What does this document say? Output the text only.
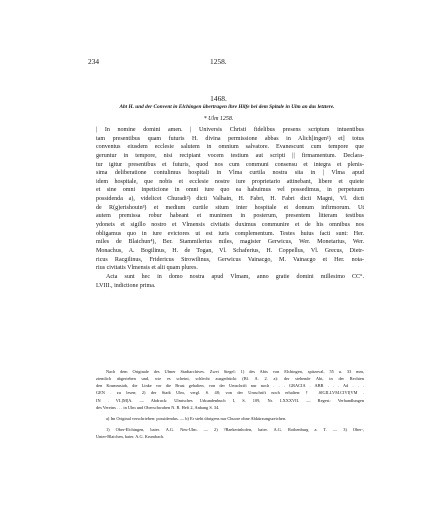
234	1258.
1468.
Abt H. und der Convent in Elchingen übertragen ihre Hilfe bei dem Spitale in Ulm an das letztere.
* Ulm 1258.
| In nomine domini amen. | Universis Christi fidelibus presens scriptum intuentibus
tam presentibus quam futuris H. divina permissione abbas in Alich[ingen¹) et] totus
conventus eiusdem ecclesie salutem in omnium salvatore. Evanescunt cum tempore que
geruntur in tempore, nisi recipiant vocem testium aut scripti || firmamentum. Declara-
tur igitur presentibus et futuris, quod nos cum communi consensu et integra et plenis-
sima deliberatione contulimus hospitali in Vlma curtila nostra sita in | Vlma apud
idem hospitale, que nobis et ecclesie nostre iure proprietario attinebant, libere et quiete
et sine omni inpeticione in omni iure quo ea habuimus vel possedimus, in perpetuum
possidenda a), videlicet Churadi²) dicti Valhain, H. Fabri, H. Fabri dicti Magni, Vl. dicti
de R(g)erishouin³) et medium curtile situm inter hospitale et domum infirmorum. Ut
autem premissa robur habeant et munimen in posterum, presentem litteram testibus
ydoneis et sigillo nostro et Vlmensis civitatis duximus communire et de his omnibus nos
obligamus quo in iure evictores ut est iuris complementum. Testes huius facti sunt: Her.
miles de Blaichun⁴), Ber. Stammilerius miles, magister Gerwicus, Wer. Monetarius, Wer.
Monachus, A. Bogilinus, H. de Togan, Vl. Schaferius, H. Coppellus, Vl. Grecus, Dietr-
ricus Racgilinus, Fridericus Strowilinus, Gerwicus Vainacgo, M. Vainacgo et Her. nota-
rius civitatis Vlmensis et alii quam plures.
Acta sunt hec in domo nostra apud Vlmam, anno gratie domini millesimo CC°.
LVIII., indictione prima.
Nach dem Originale des Ulmer Stadtarchives. Zwei Siegel: 1) des Abts von Elchingen, spitzoval, 55 u. 33 mm,
ziemlich abgerieben und, wie es scheint, schlecht ausgedrückt (Bl. A. 2. a): der stehende Abt, in der Rechten
den Krummstab, die Linke vor die Brust gehalten, von der Umschrift nur noch . . . GRACIA . ABB . . . Ad . . .
GEN . zu lesen; 2) der Stadt Ulm, vergl. S. 48; von der Umschrift noch erhalten: † .SIGILLVM.CIVI[VM .
IN . VL]M]A. — Abdruck: Ulmisches Urkundenbuch I, S. 109, Nr. LXXXVII. — Regest: Verhandlungen
des Vereins . . . in Ulm und Oberschwaben N. R. Heft 2, Anhang S. 34.
a) Im Original verschrieben: possidendus. — b) Er steht übrigens nur Chuore ohne Abkürzungszeichen.
1) Ober-Elchingen, baier. A.G. Neu-Ulm. — 2) ?Raekerinhofen, baier. A.G. Rothenburg a. T. — 3) Ober-,
Unter-Blaichen, baier. A.G. Krumbach.
